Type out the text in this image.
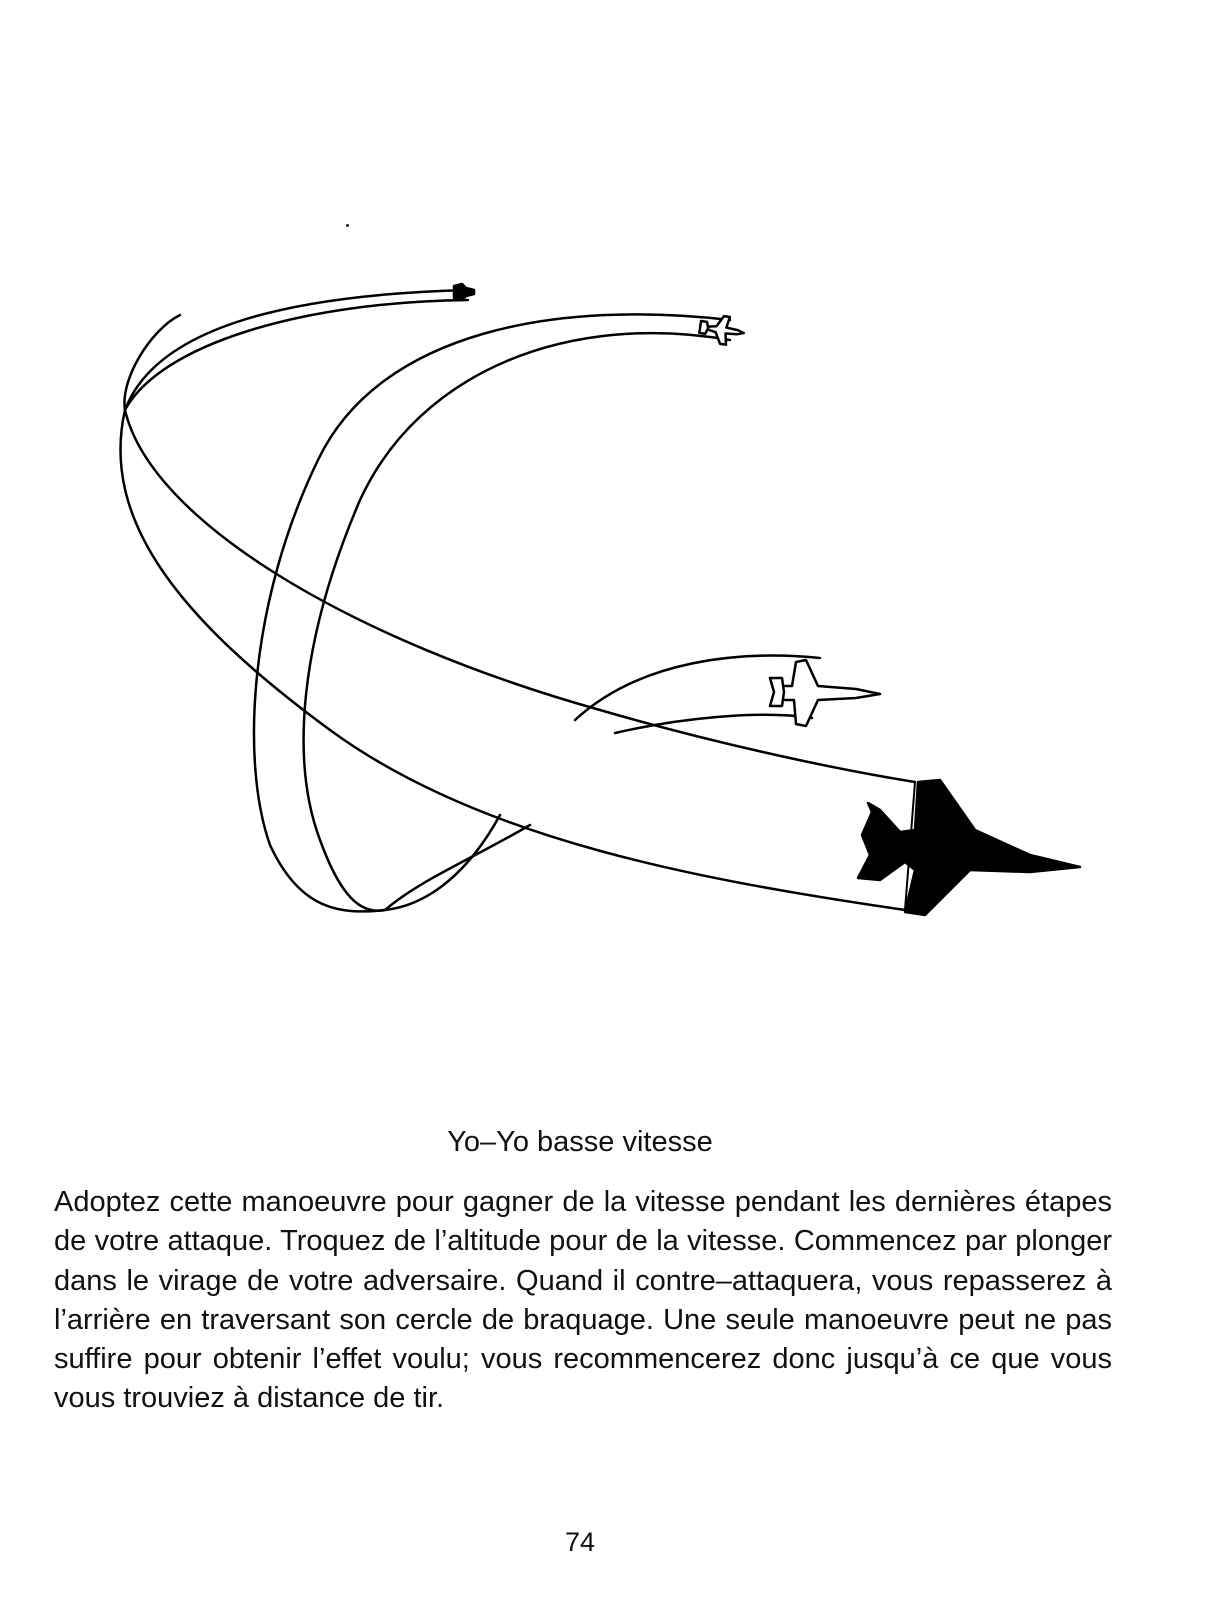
Yo–Yo basse vitesse

Adoptez cette manoeuvre pour gagner de la vitesse pendant les dernières étapes de votre attaque. Troquez de l’altitude pour de la vitesse. Commencez par plonger dans le virage de votre adversaire. Quand il contre–attaquera, vous repasserez à l’arrière en traversant son cercle de braquage. Une seule manoeuvre peut ne pas suffire pour obtenir l’effet voulu; vous recommencerez donc jusqu’à ce que vous vous trouviez à distance de tir.

74
